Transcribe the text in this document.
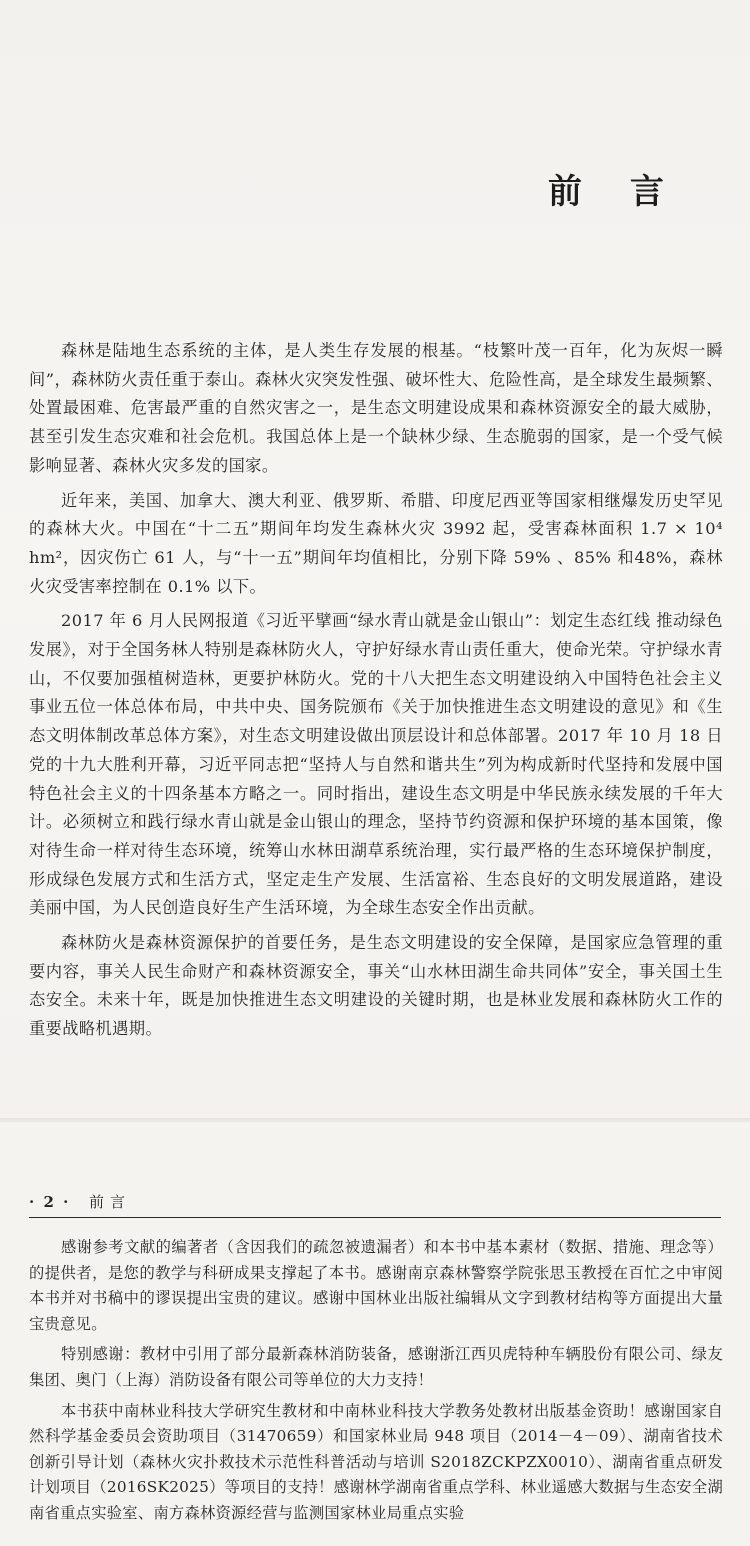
前 言

森林是陆地生态系统的主体，是人类生存发展的根基。“枝繁叶茂一百年，化为灰烬一瞬间”，森林防火责任重于泰山。森林火灾突发性强、破坏性大、危险性高，是全球发生最频繁、处置最困难、危害最严重的自然灾害之一，是生态文明建设成果和森林资源安全的最大威胁，甚至引发生态灾难和社会危机。我国总体上是一个缺林少绿、生态脆弱的国家，是一个受气候影响显著、森林火灾多发的国家。

近年来，美国、加拿大、澳大利亚、俄罗斯、希腊、印度尼西亚等国家相继爆发历史罕见的森林大火。中国在“十二五”期间年均发生森林火灾 3992 起，受害森林面积 1.7 × 10⁴ hm²，因灾伤亡 61 人，与“十一五”期间年均值相比，分别下降 59% 、85% 和48%，森林火灾受害率控制在 0.1% 以下。

2017 年 6 月人民网报道《习近平擘画“绿水青山就是金山银山”：划定生态红线 推动绿色发展》，对于全国务林人特别是森林防火人，守护好绿水青山责任重大，使命光荣。守护绿水青山，不仅要加强植树造林，更要护林防火。党的十八大把生态文明建设纳入中国特色社会主义事业五位一体总体布局，中共中央、国务院颁布《关于加快推进生态文明建设的意见》和《生态文明体制改革总体方案》，对生态文明建设做出顶层设计和总体部署。2017 年 10 月 18 日党的十九大胜利开幕，习近平同志把“坚持人与自然和谐共生”列为构成新时代坚持和发展中国特色社会主义的十四条基本方略之一。同时指出，建设生态文明是中华民族永续发展的千年大计。必须树立和践行绿水青山就是金山银山的理念，坚持节约资源和保护环境的基本国策，像对待生命一样对待生态环境，统筹山水林田湖草系统治理，实行最严格的生态环境保护制度，形成绿色发展方式和生活方式，坚定走生产发展、生活富裕、生态良好的文明发展道路，建设美丽中国，为人民创造良好生产生活环境，为全球生态安全作出贡献。

森林防火是森林资源保护的首要任务，是生态文明建设的安全保障，是国家应急管理的重要内容，事关人民生命财产和森林资源安全，事关“山水林田湖生命共同体”安全，事关国土生态安全。未来十年，既是加快推进生态文明建设的关键时期，也是林业发展和森林防火工作的重要战略机遇期。

· 2 · 前言

感谢参考文献的编著者（含因我们的疏忽被遗漏者）和本书中基本素材（数据、措施、理念等）的提供者，是您的教学与科研成果支撑起了本书。感谢南京森林警察学院张思玉教授在百忙之中审阅本书并对书稿中的谬误提出宝贵的建议。感谢中国林业出版社编辑从文字到教材结构等方面提出大量宝贵意见。

特别感谢：教材中引用了部分最新森林消防装备，感谢浙江西贝虎特种车辆股份有限公司、绿友集团、奥门（上海）消防设备有限公司等单位的大力支持！

本书获中南林业科技大学研究生教材和中南林业科技大学教务处教材出版基金资助！感谢国家自然科学基金委员会资助项目（31470659）和国家林业局 948 项目（2014－4－09）、湖南省技术创新引导计划（森林火灾扑救技术示范性科普活动与培训 S2018ZCKPZX0010）、湖南省重点研发计划项目（2016SK2025）等项目的支持！感谢林学湖南省重点学科、林业遥感大数据与生态安全湖南省重点实验室、南方森林资源经营与监测国家林业局重点实验
